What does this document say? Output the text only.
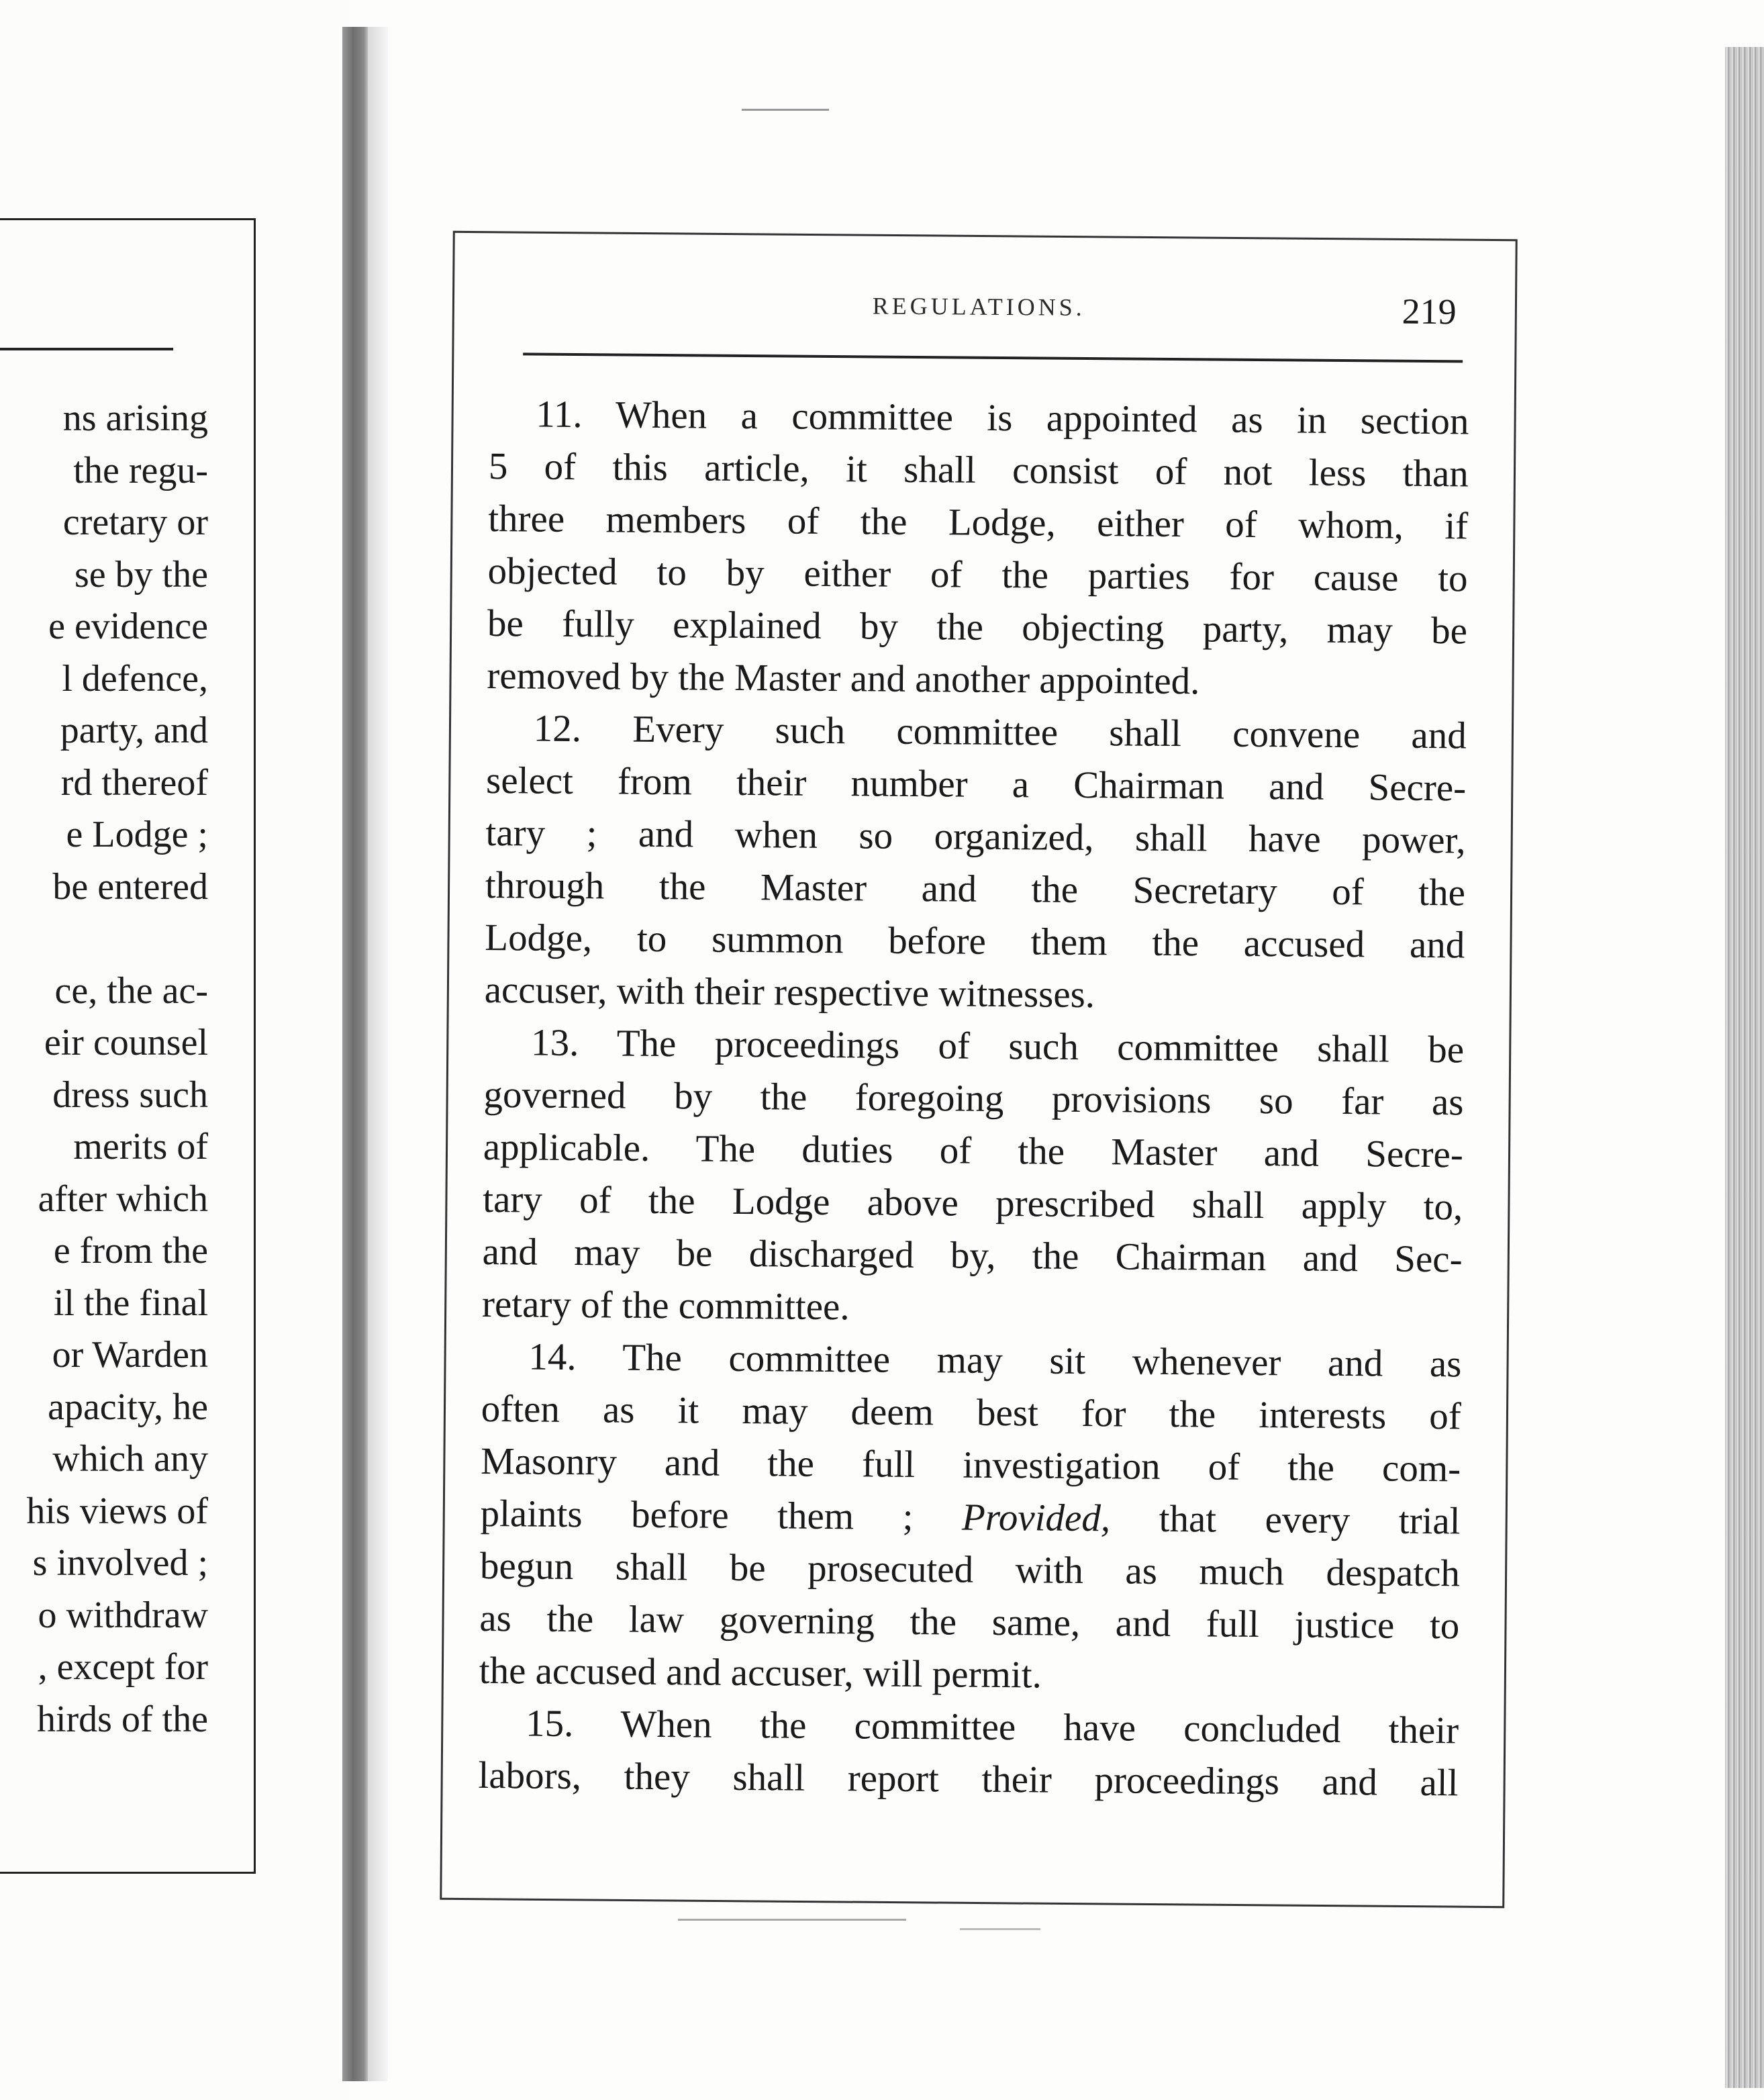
ns arising
the regu-
cretary or
se by the
e evidence
l defence,
party, and
rd thereof
e Lodge ;
be entered
ce, the ac-
eir counsel
dress such
merits of
after which
e from the
il the final
or Warden
apacity, he
which any
his views of
s involved ;
o withdraw
, except for
hirds of the
REGULATIONS.	219
11. When a committee is appointed as in section
5 of this article, it shall consist of not less than
three members of the Lodge, either of whom, if
objected to by either of the parties for cause to
be fully explained by the objecting party, may be
removed by the Master and another appointed.
12. Every such committee shall convene and
select from their number a Chairman and Secre-
tary ; and when so organized, shall have power,
through the Master and the Secretary of the
Lodge, to summon before them the accused and
accuser, with their respective witnesses.
13. The proceedings of such committee shall be
governed by the foregoing provisions so far as
applicable. The duties of the Master and Secre-
tary of the Lodge above prescribed shall apply to,
and may be discharged by, the Chairman and Sec-
retary of the committee.
14. The committee may sit whenever and as
often as it may deem best for the interests of
Masonry and the full investigation of the com-
plaints before them ; Provided, that every trial
begun shall be prosecuted with as much despatch
as the law governing the same, and full justice to
the accused and accuser, will permit.
15. When the committee have concluded their
labors, they shall report their proceedings and all
